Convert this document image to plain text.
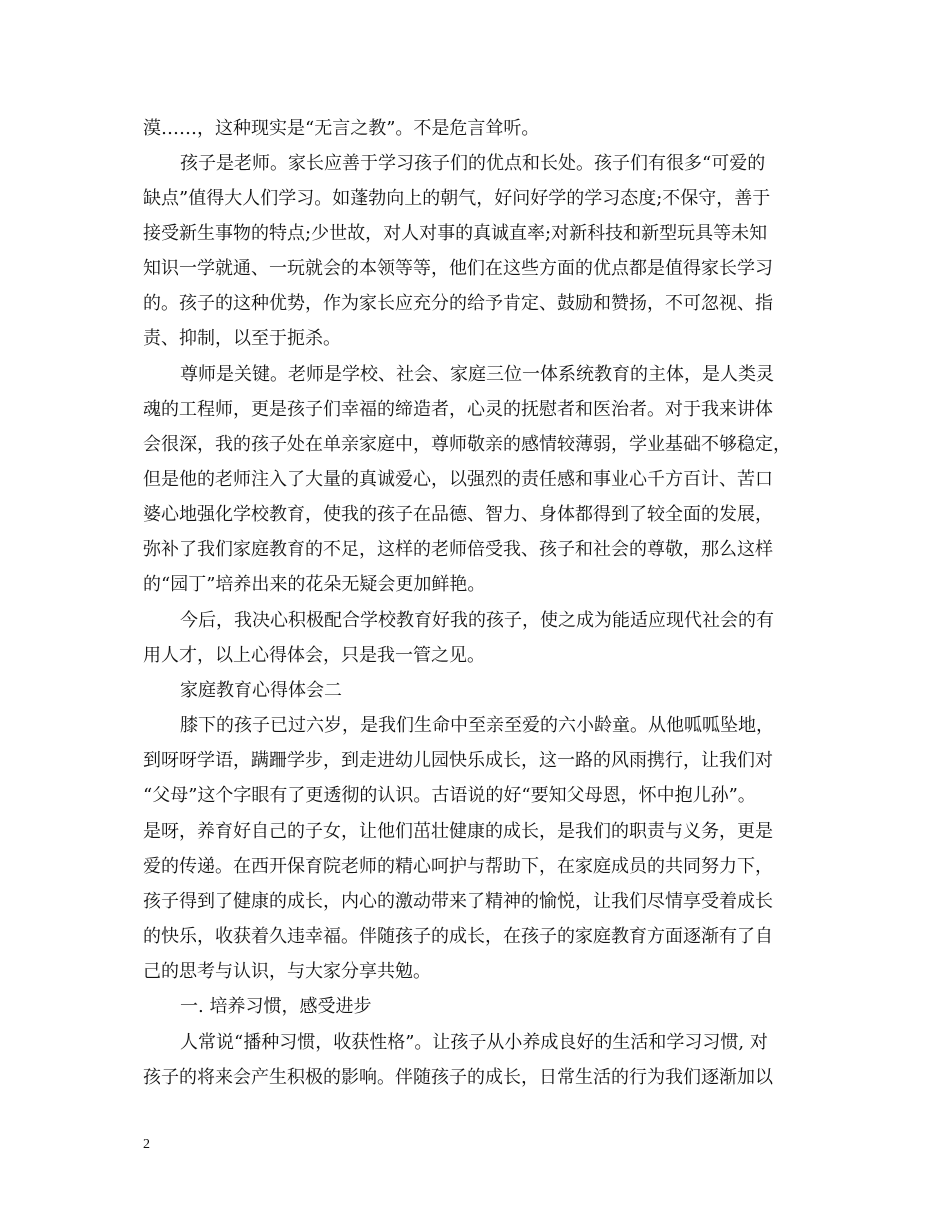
漠……，这种现实是“无言之教”。不是危言耸听。
孩子是老师。家长应善于学习孩子们的优点和长处。孩子们有很多“可爱的
缺点”值得大人们学习。如蓬勃向上的朝气，好问好学的学习态度;不保守，善于
接受新生事物的特点;少世故，对人对事的真诚直率;对新科技和新型玩具等未知
知识一学就通、一玩就会的本领等等，他们在这些方面的优点都是值得家长学习
的。孩子的这种优势，作为家长应充分的给予肯定、鼓励和赞扬，不可忽视、指
责、抑制，以至于扼杀。
尊师是关键。老师是学校、社会、家庭三位一体系统教育的主体，是人类灵
魂的工程师，更是孩子们幸福的缔造者，心灵的抚慰者和医治者。对于我来讲体
会很深，我的孩子处在单亲家庭中，尊师敬亲的感情较薄弱，学业基础不够稳定，
但是他的老师注入了大量的真诚爱心，以强烈的责任感和事业心千方百计、苦口
婆心地强化学校教育，使我的孩子在品德、智力、身体都得到了较全面的发展，
弥补了我们家庭教育的不足，这样的老师倍受我、孩子和社会的尊敬，那么这样
的“园丁”培养出来的花朵无疑会更加鲜艳。
今后，我决心积极配合学校教育好我的孩子，使之成为能适应现代社会的有
用人才，以上心得体会，只是我一管之见。
家庭教育心得体会二
膝下的孩子已过六岁，是我们生命中至亲至爱的六小龄童。从他呱呱坠地，
到呀呀学语，蹒跚学步，到走进幼儿园快乐成长，这一路的风雨携行，让我们对
“父母”这个字眼有了更透彻的认识。古语说的好“要知父母恩，怀中抱儿孙”。
是呀，养育好自己的子女，让他们茁壮健康的成长，是我们的职责与义务，更是
爱的传递。在西开保育院老师的精心呵护与帮助下，在家庭成员的共同努力下，
孩子得到了健康的成长，内心的激动带来了精神的愉悦，让我们尽情享受着成长
的快乐，收获着久违幸福。伴随孩子的成长，在孩子的家庭教育方面逐渐有了自
己的思考与认识，与大家分享共勉。
一. 培养习惯，感受进步
人常说“播种习惯，收获性格”。让孩子从小养成良好的生活和学习习惯, 对
孩子的将来会产生积极的影响。伴随孩子的成长，日常生活的行为我们逐渐加以
2
